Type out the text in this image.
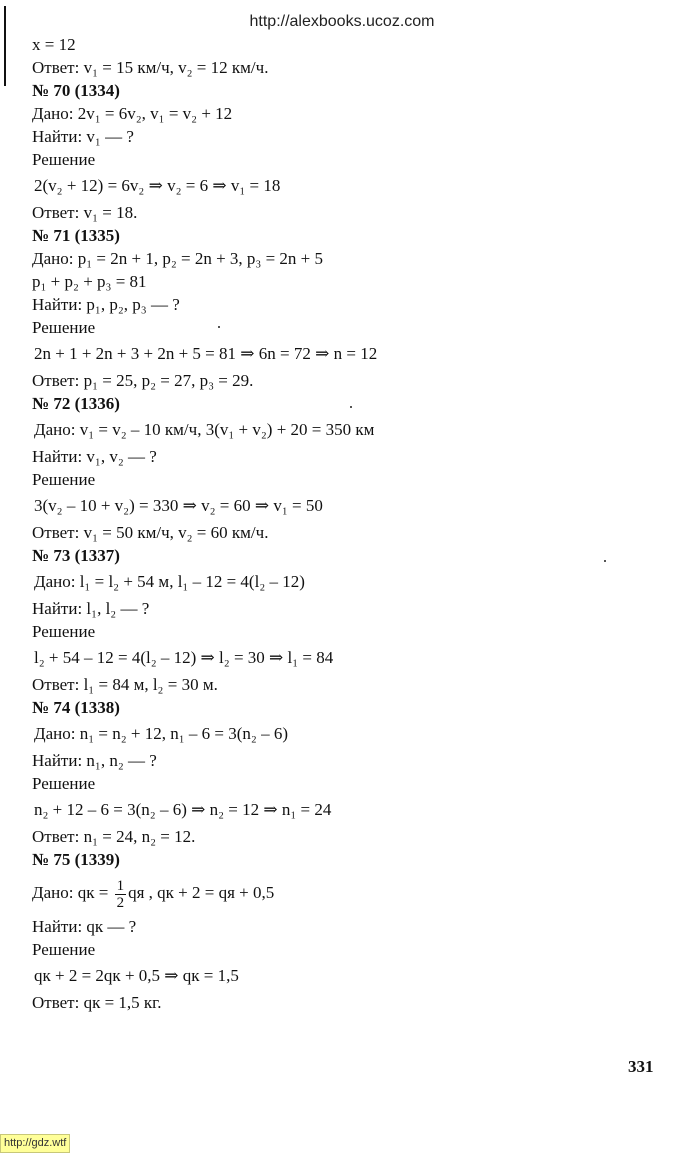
http://alexbooks.ucoz.com
x = 12
Ответ: v₁ = 15 км/ч, v₂ = 12 км/ч.
№ 70 (1334)
Дано: 2v₁ = 6v₂, v₁ = v₂ + 12
Найти: v₁ — ?
Решение
2(v₂ + 12) = 6v₂ ⇒ v₂ = 6 ⇒ v₁ = 18
Ответ: v₁ = 18.
№ 71 (1335)
Дано: p₁ = 2n + 1, p₂ = 2n + 3, p₃ = 2n + 5
p₁ + p₂ + p₃ = 81
Найти: p₁, p₂, p₃ — ?
Решение
2n + 1 + 2n + 3 + 2n + 5 = 81 ⇒ 6n = 72 ⇒ n = 12
Ответ: p₁ = 25, p₂ = 27, p₃ = 29.
№ 72 (1336)
Дано: v₁ = v₂ – 10 км/ч, 3(v₁ + v₂) + 20 = 350 км
Найти: v₁, v₂ — ?
Решение
3(v₂ – 10 + v₂) = 330 ⇒ v₂ = 60 ⇒ v₁ = 50
Ответ: v₁ = 50 км/ч, v₂ = 60 км/ч.
№ 73 (1337)
Дано: l₁ = l₂ + 54 м, l₁ – 12 = 4(l₂ – 12)
Найти: l₁, l₂ — ?
Решение
l₂ + 54 – 12 = 4(l₂ – 12) ⇒ l₂ = 30 ⇒ l₁ = 84
Ответ: l₁ = 84 м, l₂ = 30 м.
№ 74 (1338)
Дано: n₁ = n₂ + 12, n₁ – 6 = 3(n₂ – 6)
Найти: n₁, n₂ — ?
Решение
n₂ + 12 – 6 = 3(n₂ – 6) ⇒ n₂ = 12 ⇒ n₁ = 24
Ответ: n₁ = 24, n₂ = 12.
№ 75 (1339)
Дано: qк = $\frac{1}{2}$ qя , qк + 2 = qя + 0,5
Найти: qк — ?
Решение
qк + 2 = 2qк + 0,5 ⇒ qк = 1,5
Ответ: qк = 1,5 кг.
331
http://gdz.wtf
